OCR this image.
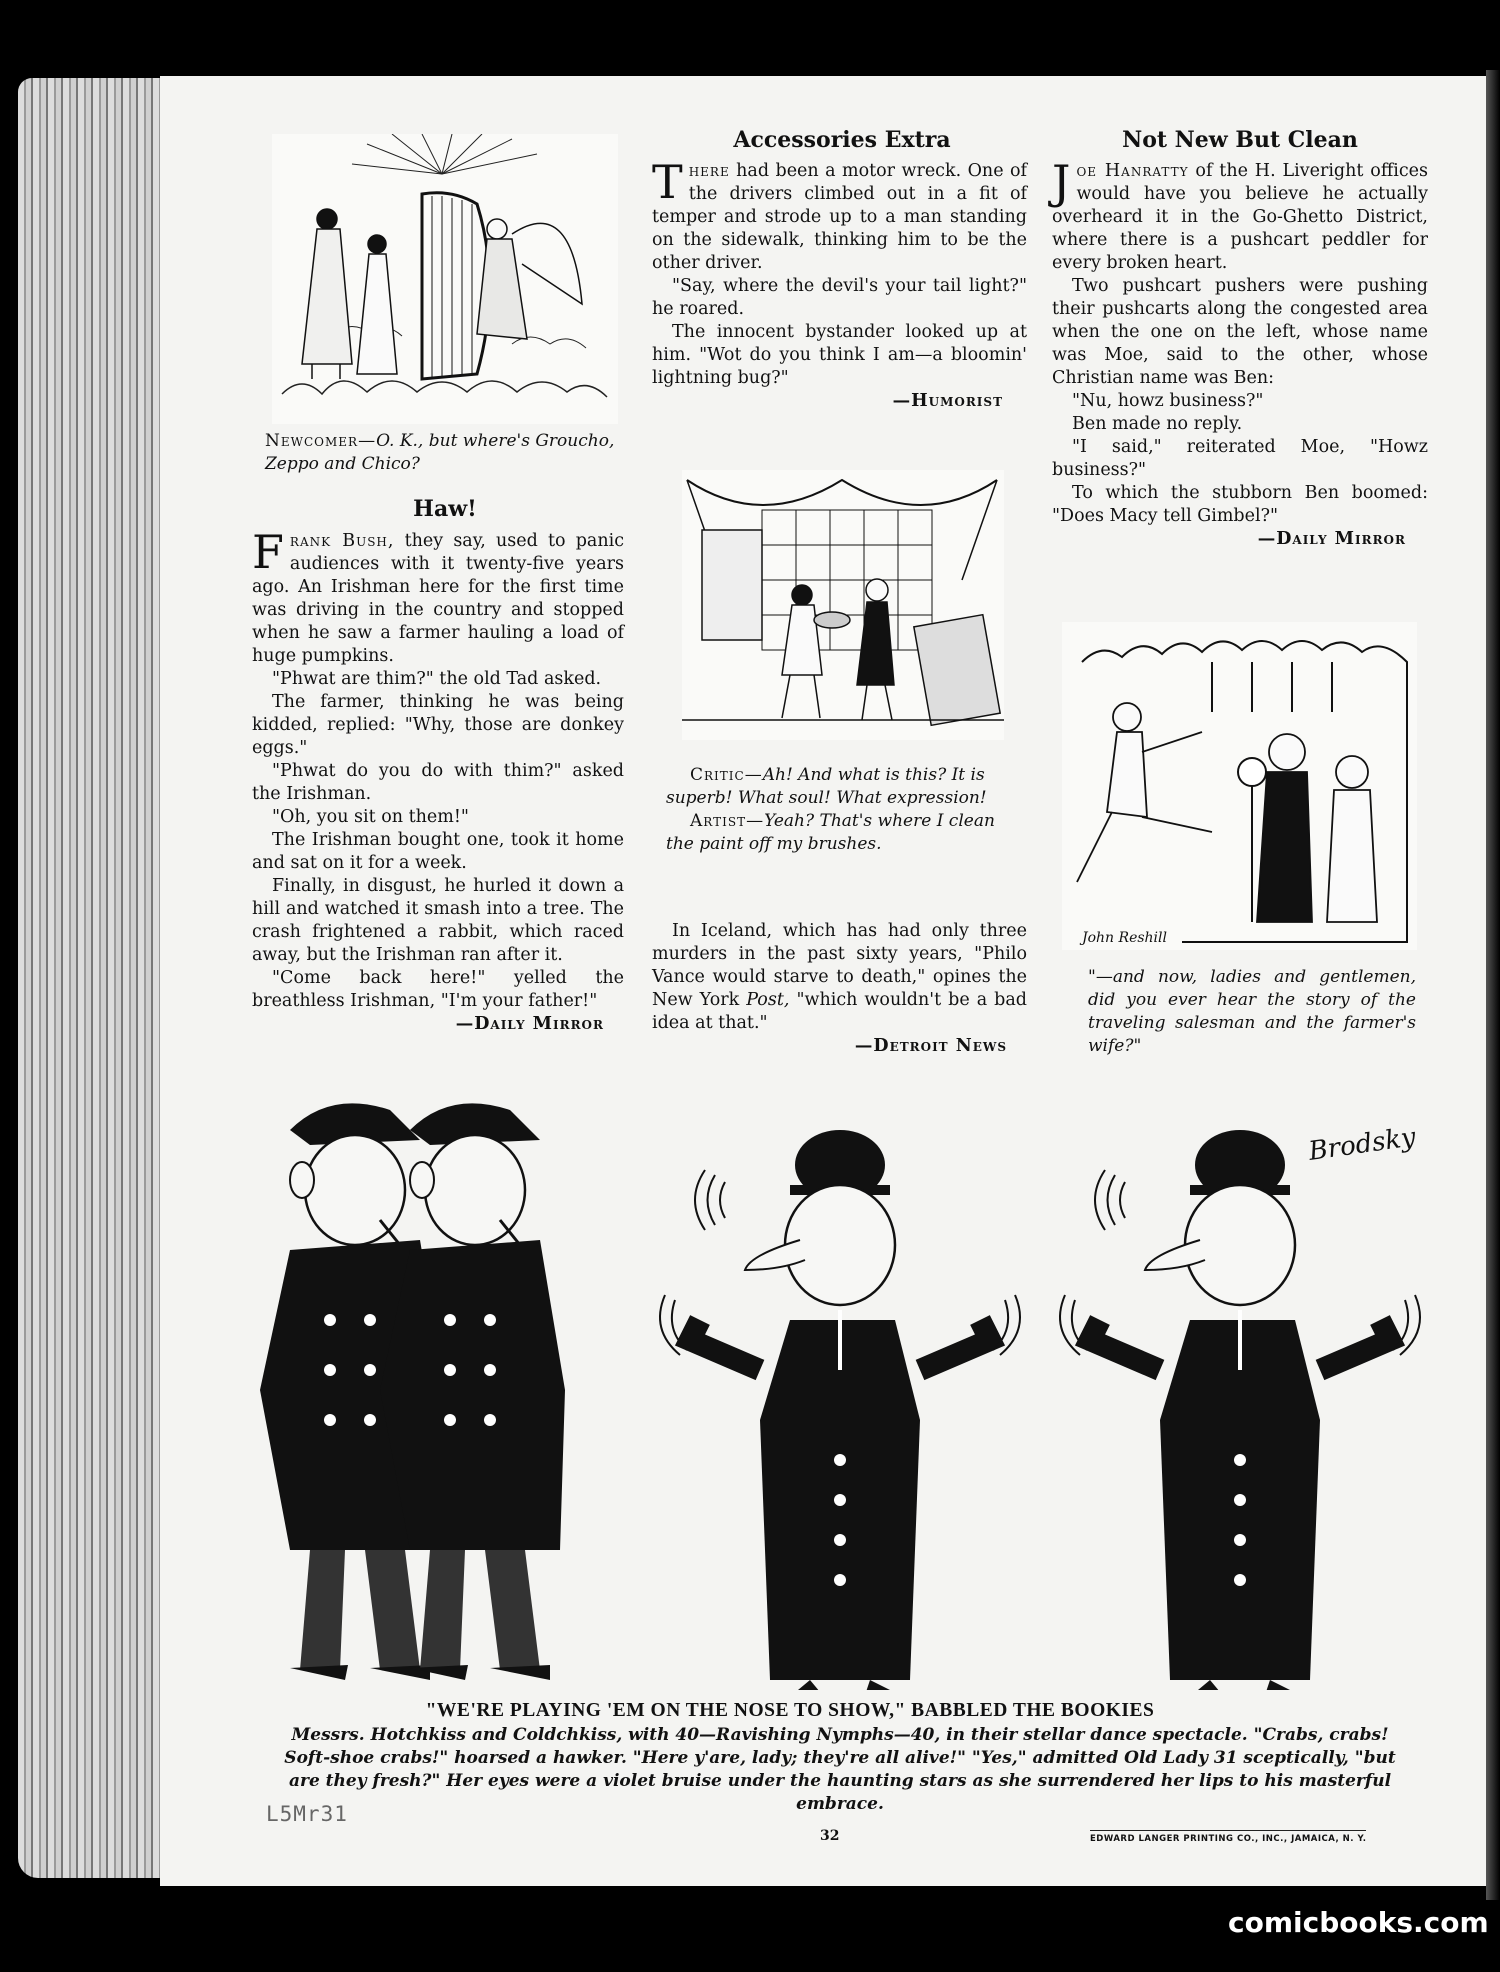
Newcomer—O. K., but where's Groucho, Zeppo and Chico?
Haw!

Frank Bush, they say, used to panic audiences with it twenty-five years ago. An Irishman here for the first time was driving in the country and stopped when he saw a farmer hauling a load of huge pumpkins.

"Phwat are thim?" the old Tad asked.

The farmer, thinking he was being kidded, replied: "Why, those are donkey eggs."

"Phwat do you do with thim?" asked the Irishman.

"Oh, you sit on them!"

The Irishman bought one, took it home and sat on it for a week.

Finally, in disgust, he hurled it down a hill and watched it smash into a tree. The crash frightened a rabbit, which raced away, but the Irishman ran after it.

"Come back here!" yelled the breathless Irishman, "I'm your father!"

—Daily Mirror
Accessories Extra

There had been a motor wreck. One of the drivers climbed out in a fit of temper and strode up to a man standing on the sidewalk, thinking him to be the other driver.

"Say, where the devil's your tail light?" he roared.

The innocent bystander looked up at him. "Wot do you think I am—a bloomin' lightning bug?"

—Humorist
Critic—Ah! And what is this? It is superb! What soul! What expression!
Artist—Yeah? That's where I clean the paint off my brushes.

In Iceland, which has had only three murders in the past sixty years, "Philo Vance would starve to death," opines the New York Post, "which wouldn't be a bad idea at that."

—Detroit News
Not New But Clean

Joe Hanratty of the H. Liveright offices would have you believe he actually overheard it in the Go-Ghetto District, where there is a pushcart peddler for every broken heart.

Two pushcart pushers were pushing their pushcarts along the congested area when the one on the left, whose name was Moe, said to the other, whose Christian name was Ben:

"Nu, howz business?"

Ben made no reply.

"I said," reiterated Moe, "Howz business?"

To which the stubborn Ben boomed: "Does Macy tell Gimbel?"

—Daily Mirror
John Reshill
"—and now, ladies and gentlemen, did you ever hear the story of the traveling salesman and the farmer's wife?"
Brodsky
"WE'RE PLAYING 'EM ON THE NOSE TO SHOW," BABBLED THE BOOKIES
Messrs. Hotchkiss and Coldchkiss, with 40—Ravishing Nymphs—40, in their stellar dance spectacle. "Crabs, crabs! Soft-shoe crabs!" hoarsed a hawker. "Here y'are, lady; they're all alive!" "Yes," admitted Old Lady 31 sceptically, "but are they fresh?" Her eyes were a violet bruise under the haunting stars as she surrendered her lips to his masterful embrace.
L5Mr31
32	EDWARD LANGER PRINTING CO., INC., JAMAICA, N. Y.
comicbooks.com
